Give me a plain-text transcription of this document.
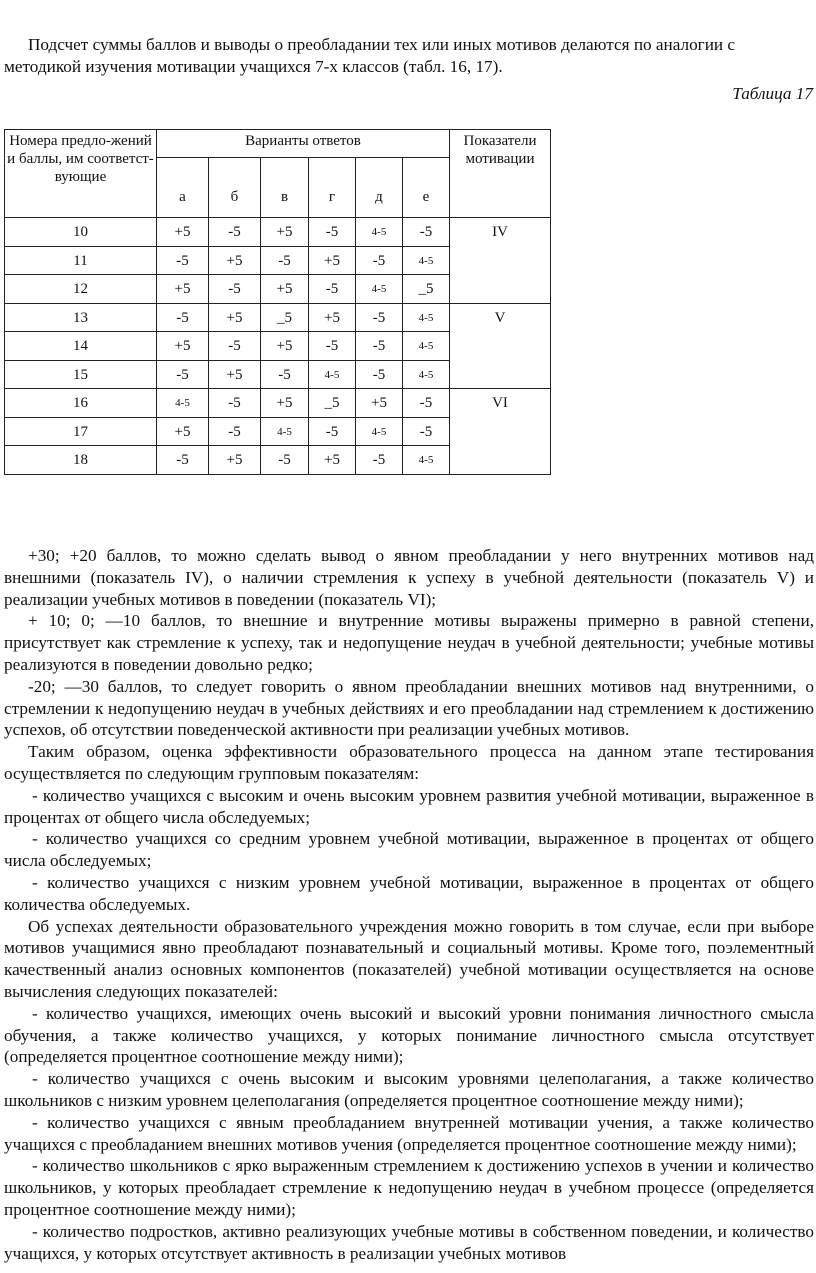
Подсчет суммы баллов и выводы о преобладании тех или иных мотивов делаются по аналогии с методикой изучения мотивации учащихся 7-х классов (табл. 16, 17).

Таблица 17

Номера предло-жений и баллы, им соответст-вующие	Варианты ответов						Показатели мотивации
	а	б	в	г	д	е	
10	+5	-5	+5	-5	4-5	-5	IV
11	-5	+5	-5	+5	-5	4-5	
12	+5	-5	+5	-5	4-5	_5	
13	-5	+5	_5	+5	-5	4-5	V
14	+5	-5	+5	-5	-5	4-5	
15	-5	+5	-5	4-5	-5	4-5	
16	4-5	-5	+5	_5	+5	-5	VI
17	+5	-5	4-5	-5	4-5	-5	
18	-5	+5	-5	+5	-5	4-5	

+30; +20 баллов, то можно сделать вывод о явном преобладании у него внутренних мотивов над внешними (показатель IV), о наличии стремления к успеху в учебной деятельности (показатель V) и реализации учебных мотивов в поведении (показатель VI);

+ 10; 0; —10 баллов, то внешние и внутренние мотивы выражены примерно в равной степени, присутствует как стремление к успеху, так и недопущение неудач в учебной деятельности; учебные мотивы реализуются в поведении довольно редко;

-20; —30 баллов, то следует говорить о явном преобладании внешних мотивов над внутренними, о стремлении к недопущению неудач в учебных действиях и его преобладании над стремлением к достижению успехов, об отсутствии поведенческой активности при реализации учебных мотивов.

Таким образом, оценка эффективности образовательного процесса на данном этапе тестирования осуществляется по следующим групповым показателям:

- количество учащихся с высоким и очень высоким уровнем развития учебной мотивации, выраженное в процентах от общего числа обследуемых;

- количество учащихся со средним уровнем учебной мотивации, выраженное в процентах от общего числа обследуемых;

- количество учащихся с низким уровнем учебной мотивации, выраженное в процентах от общего количества обследуемых.

Об успехах деятельности образовательного учреждения можно говорить в том случае, если при выборе мотивов учащимися явно преобладают познавательный и социальный мотивы. Кроме того, поэлементный качественный анализ основных компонентов (показателей) учебной мотивации осуществляется на основе вычисления следующих показателей:

- количество учащихся, имеющих очень высокий и высокий уровни понимания личностного смысла обучения, а также количество учащихся, у которых понимание личностного смысла отсутствует (определяется процентное соотношение между ними);

- количество учащихся с очень высоким и высоким уровнями целеполагания, а также количество школьников с низким уровнем целеполагания (определяется процентное соотношение между ними);

- количество учащихся с явным преобладанием внутренней мотивации учения, а также количество учащихся с преобладанием внешних мотивов учения (определяется процентное соотношение между ними);

- количество школьников с ярко выраженным стремлением к достижению успехов в учении и количество школьников, у которых преобладает стремление к недопущению неудач в учебном процессе (определяется процентное соотношение между ними);

- количество подростков, активно реализующих учебные мотивы в собственном поведении, и количество учащихся, у которых отсутствует активность в реализации учебных мотивов
